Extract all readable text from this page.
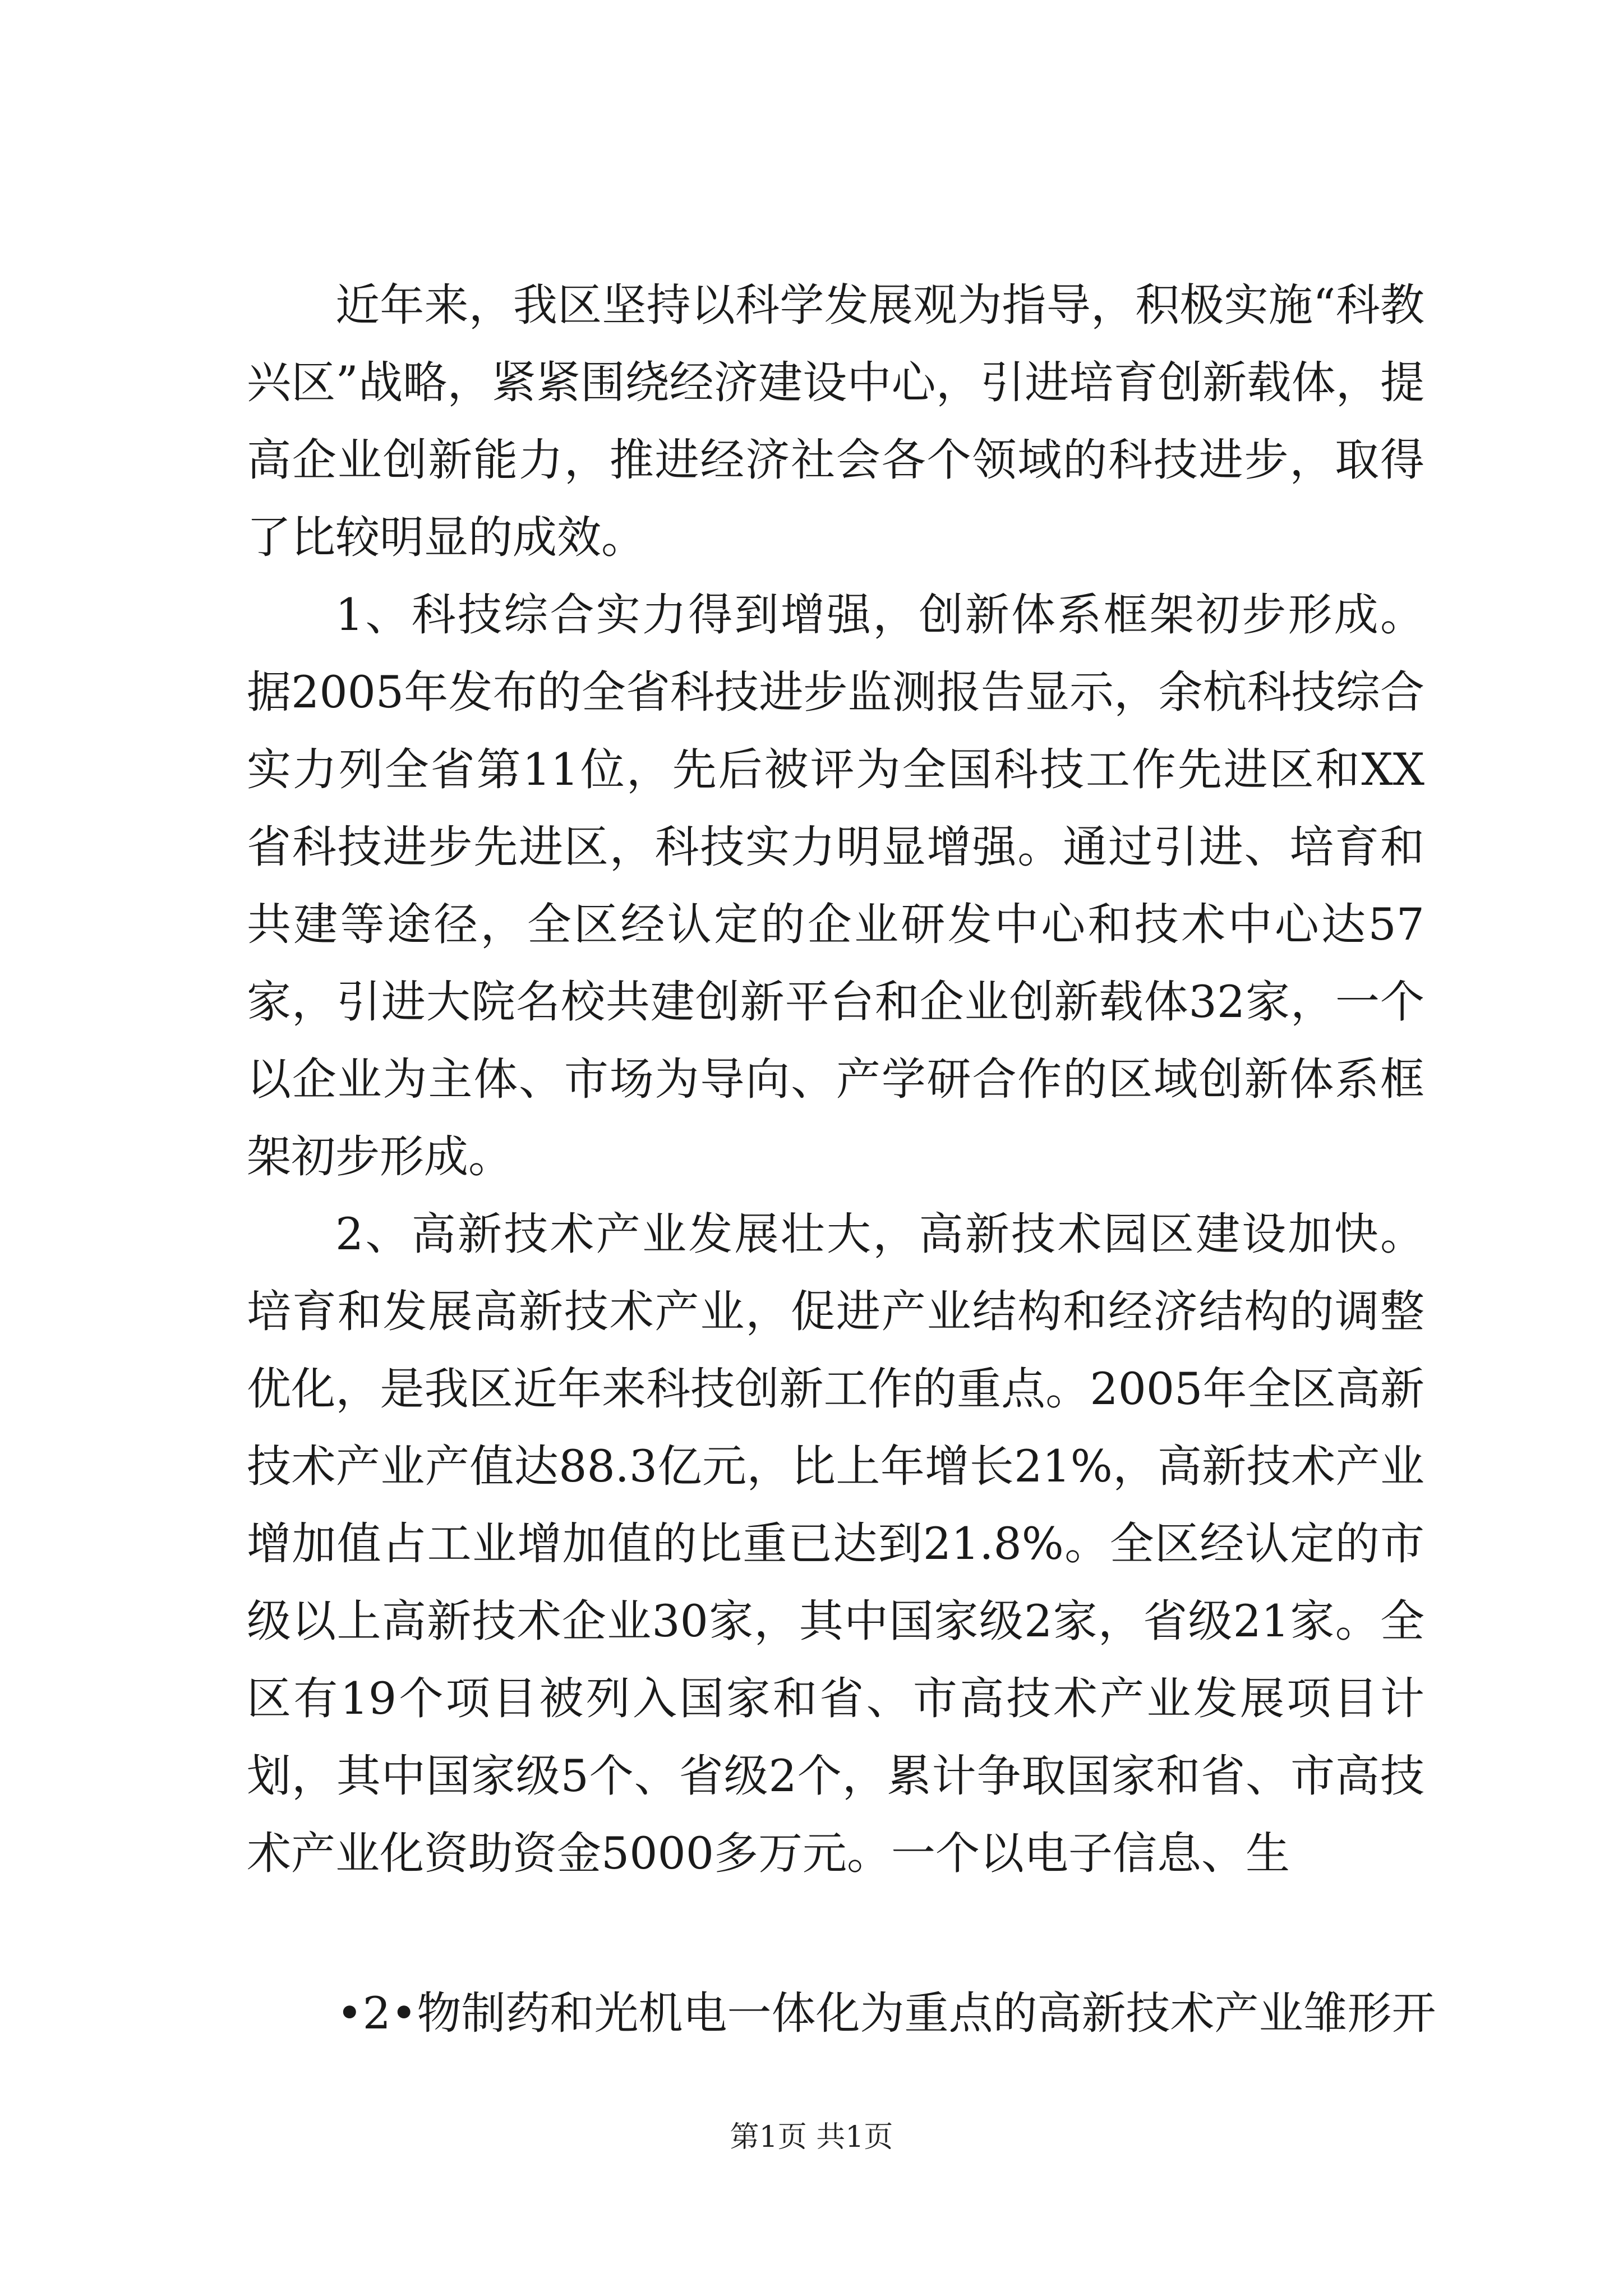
近年来，我区坚持以科学发展观为指导，积极实施“科教兴区”战略，紧紧围绕经济建设中心，引进培育创新载体，提高企业创新能力，推进经济社会各个领域的科技进步，取得了比较明显的成效。

1、科技综合实力得到增强，创新体系框架初步形成。据2005年发布的全省科技进步监测报告显示，余杭科技综合实力列全省第11位，先后被评为全国科技工作先进区和XX省科技进步先进区，科技实力明显增强。通过引进、培育和共建等途径，全区经认定的企业研发中心和技术中心达57家，引进大院名校共建创新平台和企业创新载体32家，一个以企业为主体、市场为导向、产学研合作的区域创新体系框架初步形成。

2、高新技术产业发展壮大，高新技术园区建设加快。培育和发展高新技术产业，促进产业结构和经济结构的调整优化，是我区近年来科技创新工作的重点。2005年全区高新技术产业产值达88.3亿元，比上年增长21%，高新技术产业增加值占工业增加值的比重已达到21.8%。全区经认定的市级以上高新技术企业30家，其中国家级2家，省级21家。全区有19个项目被列入国家和省、市高技术产业发展项目计划，其中国家级5个、省级2个，累计争取国家和省、市高技术产业化资助资金5000多万元。一个以电子信息、生

•2•物制药和光机电一体化为重点的高新技术产业雏形开
第1页 共1页
